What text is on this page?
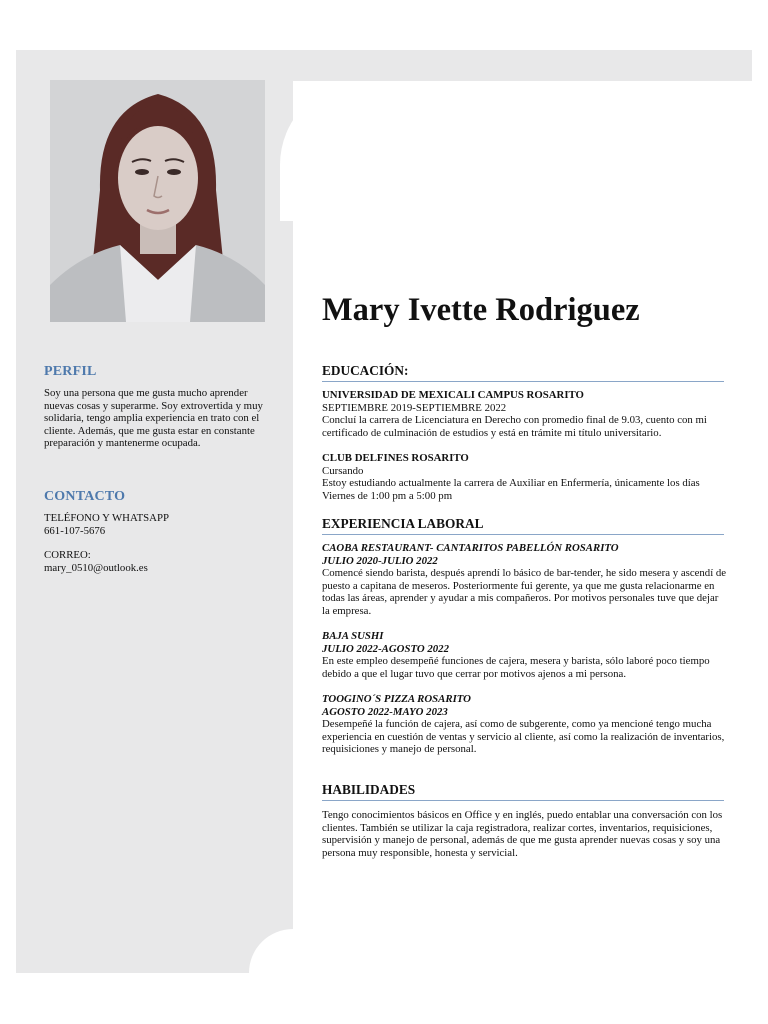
PERFIL
Soy una persona que me gusta mucho aprender nuevas cosas y superarme. Soy extrovertida y muy solidaria, tengo amplia experiencia en trato con el cliente. Además, que me gusta estar en constante preparación y mantenerme ocupada.
CONTACTO

TELÉFONO Y WHATSAPP

661-107-5676

CORREO:

mary_0510@outlook.es

Mary Ivette Rodriguez
EDUCACIÓN:

UNIVERSIDAD DE MEXICALI CAMPUS ROSARITO

SEPTIEMBRE 2019-SEPTIEMBRE 2022

Concluí la carrera de Licenciatura en Derecho con promedio final de 9.03, cuento con mi certificado de culminación de estudios y está en trámite mi título universitario.

CLUB DELFINES ROSARITO

Cursando

Estoy estudiando actualmente la carrera de Auxiliar en Enfermería, únicamente los días Viernes de 1:00 pm a 5:00 pm

EXPERIENCIA LABORAL

CAOBA RESTAURANT- CANTARITOS PABELLÓN ROSARITO

JULIO 2020-JULIO 2022

Comencé siendo barista, después aprendí lo básico de bar-tender, he sido mesera y ascendí de puesto a capitana de meseros. Posteriormente fui gerente, ya que me gusta relacionarme en todas las áreas, aprender y ayudar a mis compañeros. Por motivos personales tuve que dejar la empresa.

BAJA SUSHI

JULIO 2022-AGOSTO 2022

En este empleo desempeñé funciones de cajera, mesera y barista, sólo laboré poco tiempo debido a que el lugar tuvo que cerrar por motivos ajenos a mi persona.

TOOGINO´S PIZZA ROSARITO

AGOSTO 2022-MAYO 2023

Desempeñé la función de cajera, así como de subgerente, como ya mencioné tengo mucha experiencia en cuestión de ventas y servicio al cliente, así como la realización de inventarios, requisiciones y manejo de personal.

HABILIDADES
Tengo conocimientos básicos en Office y en inglés, puedo entablar una conversación con los clientes. También se utilizar la caja registradora, realizar cortes, inventarios, requisiciones, supervisión y manejo de personal, además de que me gusta aprender nuevas cosas y soy una persona muy responsible, honesta y servicial.
